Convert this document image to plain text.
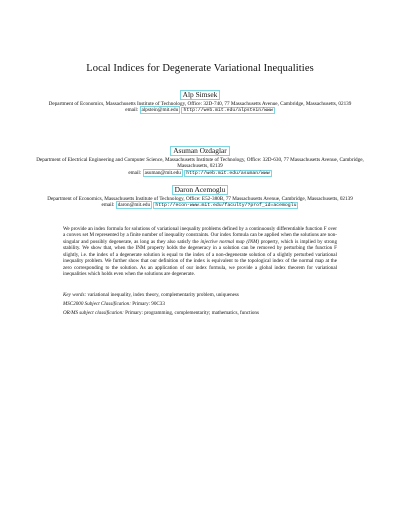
Local Indices for Degenerate Variational Inequalities
Alp Simsek
Department of Economics, Massachusetts Institute of Technology, Office: 32D-740, 77 Massachusetts Avenue, Cambridge, Massachusetts, 02139
email: alpstein@mit.edu http://web.mit.edu/alpstein/www
Asuman Ozdaglar
Department of Electrical Engineering and Computer Science, Massachusetts Institute of Technology, Office: 32D-630, 77 Massachusetts Avenue, Cambridge, Massachusetts, 02139
email: asuman@mit.edu http://web.mit.edu/asuman/www
Daron Acemoglu
Department of Economics, Massachusetts Institute of Technology, Office: E52-380B, 77 Massachusetts Avenue, Cambridge, Massachusetts, 02139
email: daron@mit.edu http://econ-www.mit.edu/faculty/?prof_id=acemoglu
We provide an index formula for solutions of variational inequality problems defined by a continuously differentiable function F over a convex set M represented by a finite number of inequality constraints. Our index formula can be applied when the solutions are non-singular and possibly degenerate, as long as they also satisfy the injective normal map (INM) property, which is implied by strong stability. We show that, when the INM property holds the degeneracy in a solution can be removed by perturbing the function F slightly, i.e. the index of a degenerate solution is equal to the index of a non-degenerate solution of a slightly perturbed variational inequality problem. We further show that our definition of the index is equivalent to the topological index of the normal map at the zero corresponding to the solution. As an application of our index formula, we provide a global index theorem for variational inequalities which holds even when the solutions are degenerate.
Key words: variational inequality, index theory, complementarity problem, uniqueness
MSC2000 Subject Classification: Primary: 90C33
OR/MS subject classification: Primary: programming, complementarity; mathematics, functions
